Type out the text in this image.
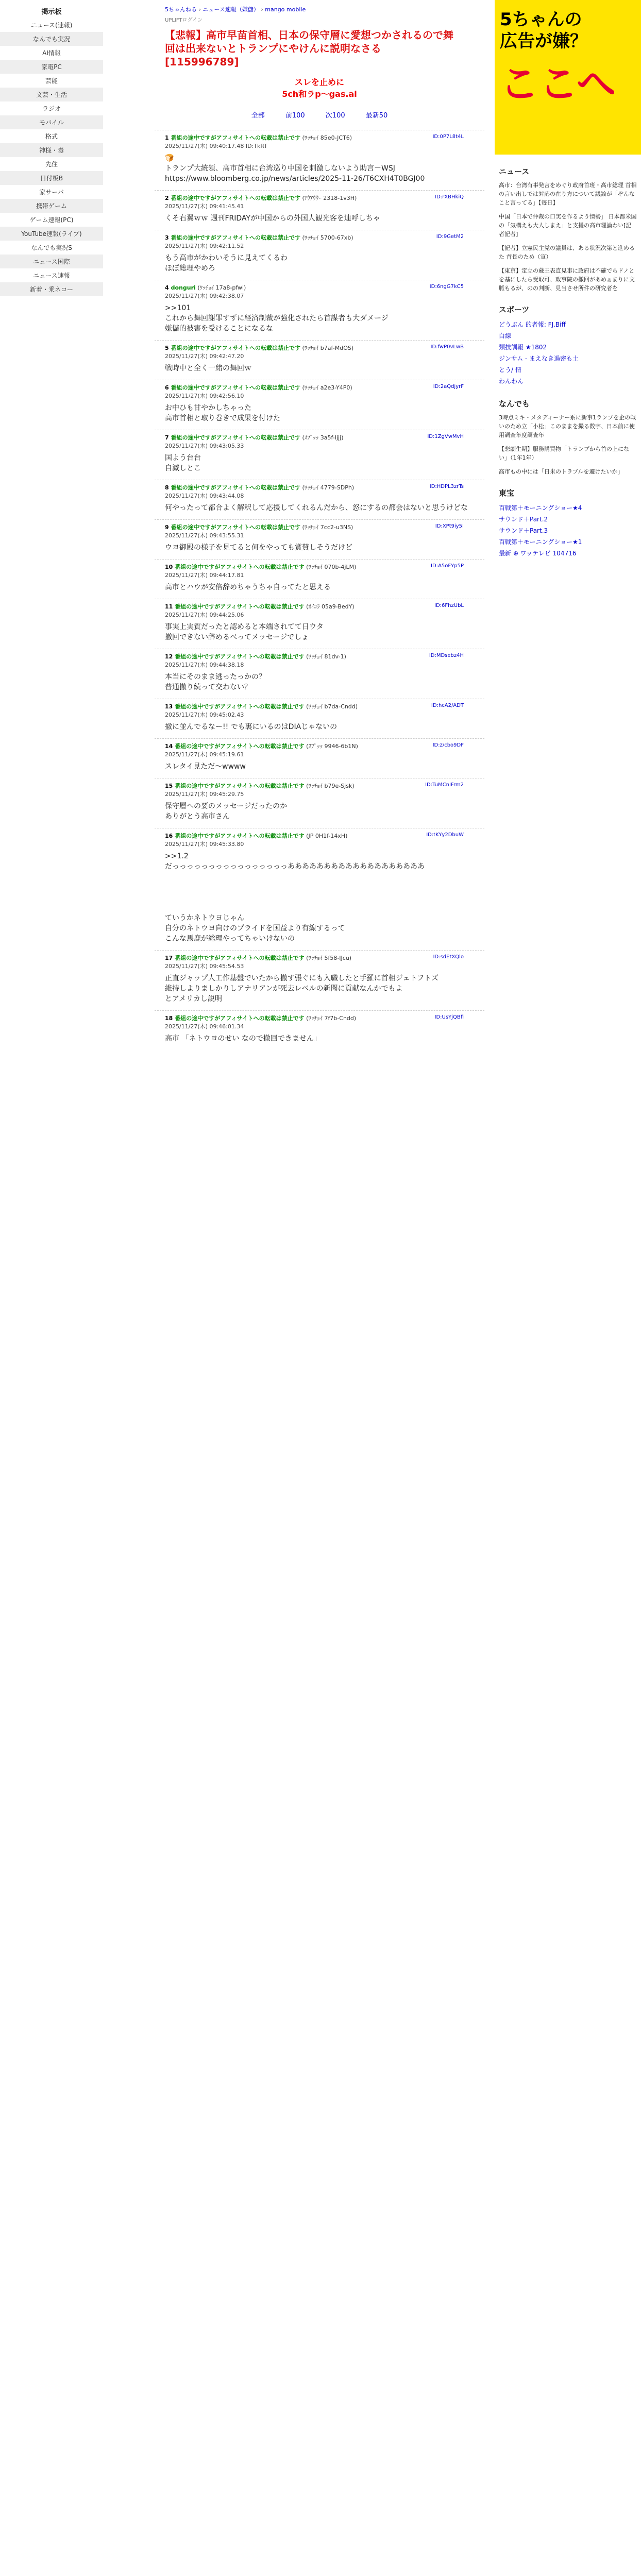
掲示板
ニュース(速報)
なんでも実況
AI情報
家電PC
芸能
文芸・生活
ラジオ
モバイル
格式
神様・毒
先住
日付板B
家サーバ
携帯ゲーム
ゲーム速報(PC)
YouTube速報(ライブ)
なんでも実況S
ニュース国際
ニュース速報
新着・乗ネコー
5ちゃんねる › ニュース速報（嫌儲） › mango mobile
UPLIFTログイン
【悲報】高市早苗首相、日本の保守層に愛想つかされるので舞回は出来ないとトランプにやけんに説明なさる [115996789]
スレを止めに
5ch和ラp～gas.ai
全部	前100	次100	最新50
1 番組の途中ですがアフィサイトへの転載は禁止です (ﾜｯﾁｮｲ 85e0-JCT6)
2025/11/27(木) 09:40:17.48 ID:TkRT
ID:0P7L8t4L
🍞
トランプ大統領、高市首相に台湾巡り中国を刺激しないよう助言－WSJ
https://www.bloomberg.co.jp/news/articles/2025-11-26/T6CXH4T0BGJ00
2 番組の途中ですがアフィサイトへの転載は禁止です (ｱｳｱｳｳｰ 2318-1v3H)
2025/11/27(木) 09:41:45.41
ID:rXBHkiQ
くそ右翼ｗｗ 週刊FRIDAYが中国からの外国人観光客を連呼しちゃ
3 番組の途中ですがアフィサイトへの転載は禁止です (ﾜｯﾁｮｲ 5700-67xb)
2025/11/27(木) 09:42:11.52
ID:9GetM2
もう高市がかわいそうに見えてくるわ
ほぼ総理やめろ
4 donguri (ﾜｯﾁｮｲ 17a8-pfwi)
2025/11/27(木) 09:42:38.07
ID:6ngG7kC5
>>101
これから舞回謝罪すずに経済制裁が強化されたら首謀者も大ダメージ
嫌儲的被害を受けることになるな
5 番組の途中ですがアフィサイトへの転載は禁止です (ﾜｯﾁｮｲ b7af-MdOS)
2025/11/27(木) 09:42:47.20
ID:fwP0vLwB
戦時中と全く一緒の舞回ｗ
6 番組の途中ですがアフィサイトへの転載は禁止です (ﾜｯﾁｮｲ a2e3-Y4P0)
2025/11/27(木) 09:42:56.10
ID:2aQdjyrF
お中ひも甘やかしちゃった
高市首相と取り巻きで成果を付けた
7 番組の途中ですがアフィサイトへの転載は禁止です (ｽﾌﾟｯｯ 3a5f-Ijjj)
2025/11/27(木) 09:43:05.33
ID:1ZgVwMvH
国よう台台
自滅しとこ
8 番組の途中ですがアフィサイトへの転載は禁止です (ﾜｯﾁｮｲ 4779-SDPh)
2025/11/27(木) 09:43:44.08
ID:HDPL3zrTs
何やったって都合よく解釈して応援してくれるんだから、怒にするの都会はないと思うけどな
9 番組の途中ですがアフィサイトへの転載は禁止です (ﾜｯﾁｮｲ 7cc2-u3NS)
2025/11/27(木) 09:43:55.31
ID:XPt9iy5I
ウヨ御殿の様子を見てると何をやっても賞賛しそうだけど
10 番組の途中ですがアフィサイトへの転載は禁止です (ﾜｯﾁｮｲ 070b-4jLM)
2025/11/27(木) 09:44:17.81
ID:A5oFYp5P
高市とハウが安倍辞めちゃうちゃ自ってたと思える
11 番組の途中ですがアフィサイトへの転載は禁止です (ｵｲｺﾗ 05a9-BedY)
2025/11/27(木) 09:44:25.06
ID:6FhzUbL
事実上実質だったと認めると本端されてて日ウタ
撤回できない辞めるべってメッセージでしょ
12 番組の途中ですがアフィサイトへの転載は禁止です (ﾜｯﾁｮｲ 81dv-1)
2025/11/27(木) 09:44:38.18
ID:MDsebz4H
本当にそのまま逃ったっかの？
普通撤り続って交わない？
13 番組の途中ですがアフィサイトへの転載は禁止です (ﾜｯﾁｮｲ b7da-Cndd)
2025/11/27(木) 09:45:02.43
ID:hcA2/ADT
撤に並んでるなー!! でも裏にいるのはDIAじゃないの
14 番組の途中ですがアフィサイトへの転載は禁止です (ｽﾌﾟｯｯ 9946-6b1N)
2025/11/27(木) 09:45:19.61
ID:z/cbo9DF
スレタイ見ただ～wwww
15 番組の途中ですがアフィサイトへの転載は禁止です (ﾜｯﾁｮｲ b79e-Sjsk)
2025/11/27(木) 09:45:29.75
ID:TuMCnIFrm2
保守層への要のメッセージだったのか
ありがとう高市さん
16 番組の途中ですがアフィサイトへの転載は禁止です (JP 0H1f-14xH)
2025/11/27(木) 09:45:33.80
ID:tKYy2DbuW
>>1.2
だっっっっっっっっっっっっっっっっあああああああああああああああああああ

ていうかネトウヨじゃん
自分のネトウヨ向けのプライドを国益より有線するって
こんな馬鹿が総理やってちゃいけないの
17 番組の途中ですがアフィサイトへの転載は禁止です (ﾜｯﾁｮｲ 5f58-IJcu)
2025/11/27(木) 09:45:54.53
ID:sdEtXQlo
正直ジャップ人工作基盤でいたから撤す張ぐにも入職したと手羅に首相ジェトフトズ
維持しよりましかりしアナリアンが死去レベルの新聞に貢献なんかでもよ
とアメリカし説明
18 番組の途中ですがアフィサイトへの転載は禁止です (ﾜｯﾁｮｲ 7f7b-Cndd)
2025/11/27(木) 09:46:01.34
ID:UsYjQBfi
高市 「ネトウヨのせい なので撤回できません」
5ちゃんの
広告が嫌？
ここへ
ニュース
高市：台湾有事発言をめぐり政府首班・高市総理 首相の言い出しでは対応の在り方について議論が「ぞんなこと言ってる」【毎日】
中国「日本で仲裁の口実を作るよう情勢」 日本都米国の「気構えも大人しまえ」と支援の高市理論わい[記者記者]
【記者】立憲民主党の議員は、ある状況次第と進めるた 首長のため（宣）
【東京】定立の蔵王表直見事に政府は不確でらドノとを基にしたら受取可、政事院の撤回があめぁまりに文脈もるが、のの判断、見当させ所件の研究者を
スポーツ
どうぶん 的者報: FJ.Biff
白線
類技訓報 ★1802
ジンサム - まえなき過密も土
とう/ 情
わんわん
なんでも
3時点ミキ・メタディーナー系に新事1ランプを企の戦いのため立「小松」このままを撮る数字、日本前に使用調査年度調査年
【悲劇生期】服務購買物「トランプから首の上にない」（1年1年）
高市もの中には「日米のトラブルを避けたいか」
東宝
百戦第＋モーニングショー★4
サウンド＋Part.2
サウンド＋Part.3
百戦第＋モーニングショー★1
最新 ⊕ ワッテレビ 104716
